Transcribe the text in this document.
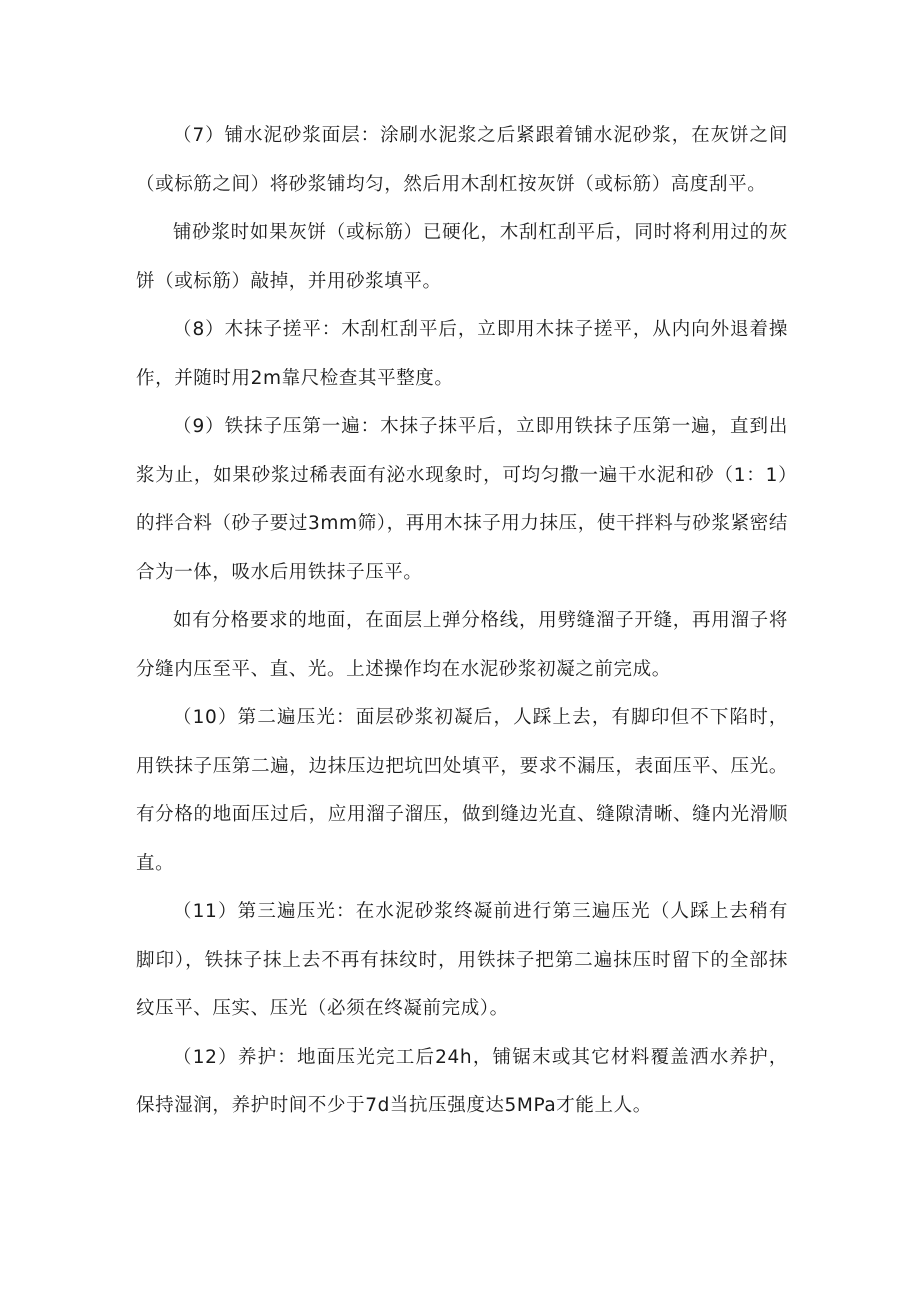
（7）铺水泥砂浆面层：涂刷水泥浆之后紧跟着铺水泥砂浆，在灰饼之间（或标筋之间）将砂浆铺均匀，然后用木刮杠按灰饼（或标筋）高度刮平。

铺砂浆时如果灰饼（或标筋）已硬化，木刮杠刮平后，同时将利用过的灰饼（或标筋）敲掉，并用砂浆填平。

（8）木抹子搓平：木刮杠刮平后，立即用木抹子搓平，从内向外退着操作，并随时用2m靠尺检查其平整度。

（9）铁抹子压第一遍：木抹子抹平后，立即用铁抹子压第一遍，直到出浆为止，如果砂浆过稀表面有泌水现象时，可均匀撒一遍干水泥和砂（1：1）的拌合料（砂子要过3mm筛），再用木抹子用力抹压，使干拌料与砂浆紧密结合为一体，吸水后用铁抹子压平。

如有分格要求的地面，在面层上弹分格线，用劈缝溜子开缝，再用溜子将分缝内压至平、直、光。上述操作均在水泥砂浆初凝之前完成。

（10）第二遍压光：面层砂浆初凝后，人踩上去，有脚印但不下陷时，用铁抹子压第二遍，边抹压边把坑凹处填平，要求不漏压，表面压平、压光。有分格的地面压过后，应用溜子溜压，做到缝边光直、缝隙清晰、缝内光滑顺直。

（11）第三遍压光：在水泥砂浆终凝前进行第三遍压光（人踩上去稍有脚印），铁抹子抹上去不再有抹纹时，用铁抹子把第二遍抹压时留下的全部抹纹压平、压实、压光（必须在终凝前完成）。

（12）养护：地面压光完工后24h，铺锯末或其它材料覆盖洒水养护，保持湿润，养护时间不少于7d当抗压强度达5MPa才能上人。
